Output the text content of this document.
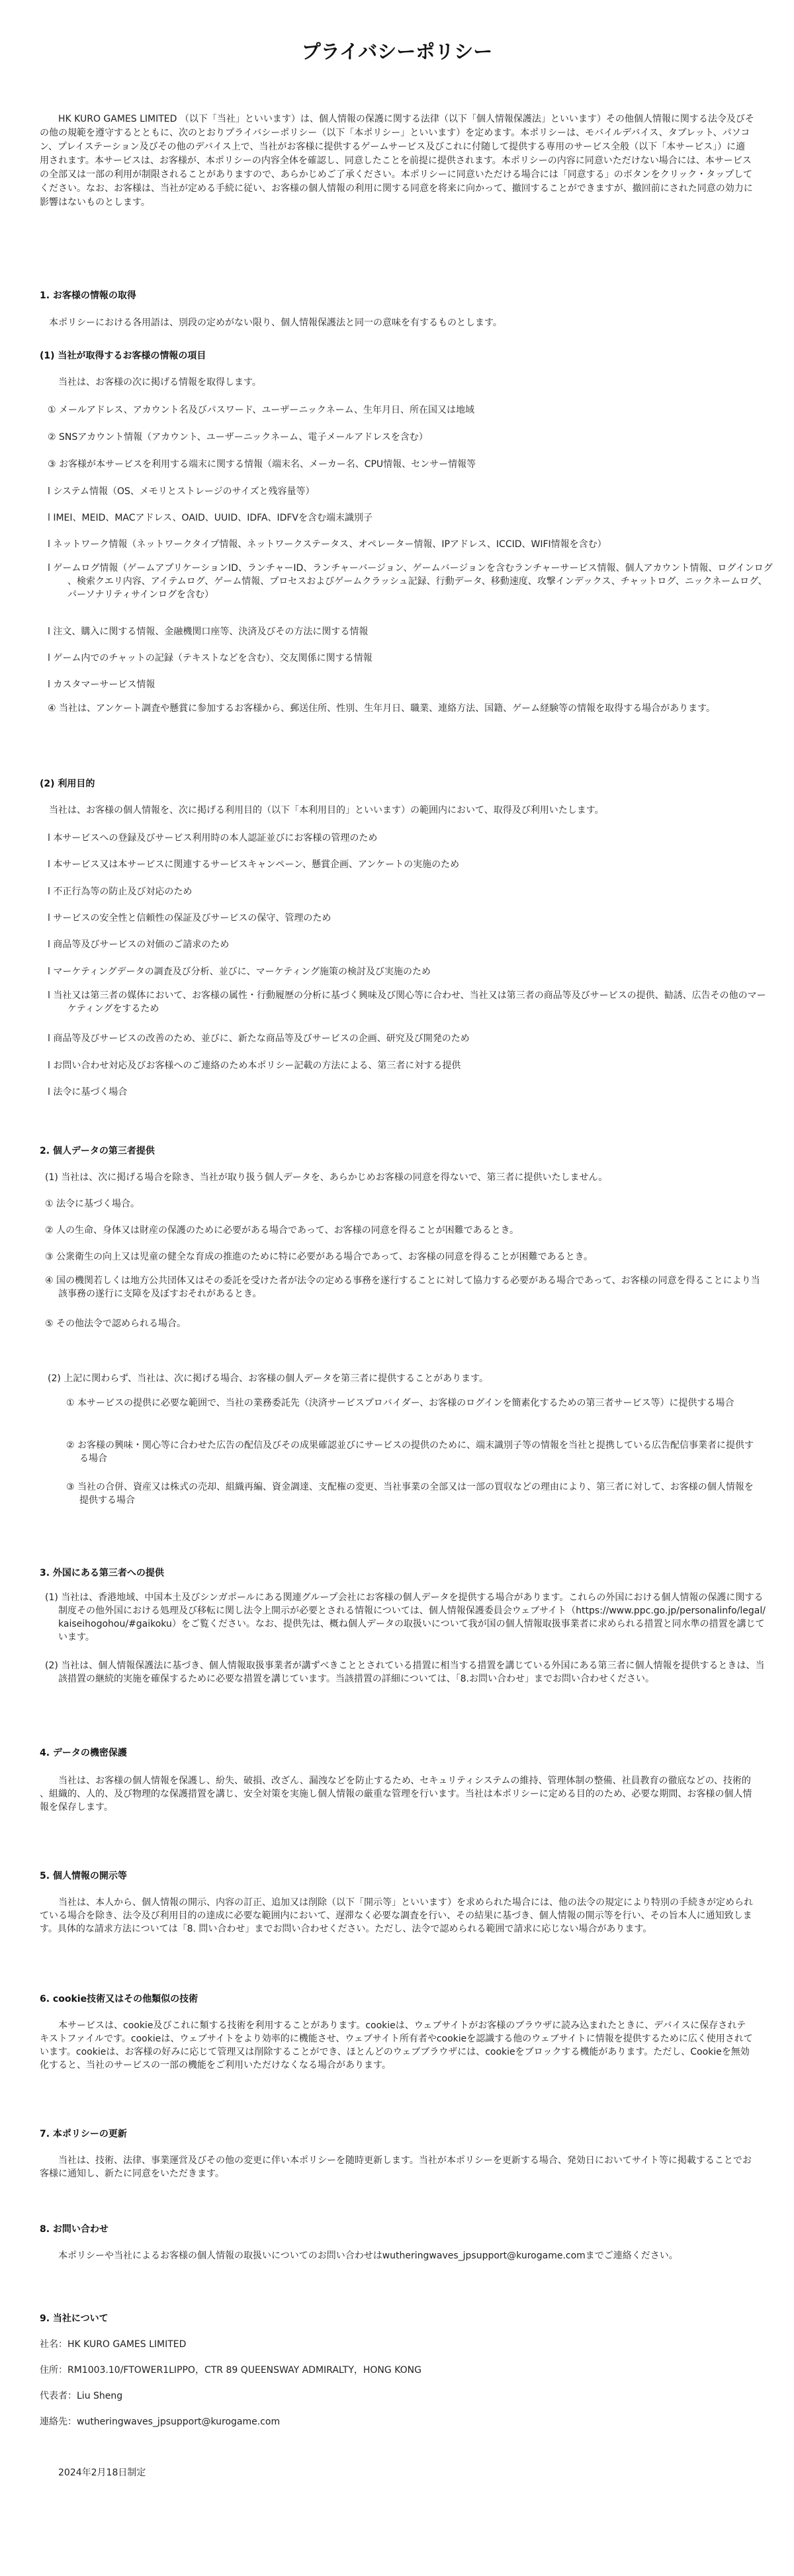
プライバシーポリシー

HK KURO GAMES LIMITED （以下「当社」といいます）は、個人情報の保護に関する法律（以下「個人情報保護法」といいます）その他個人情報に関する法令及びその他の規範を遵守するとともに、次のとおりプライバシーポリシー（以下「本ポリシー」といいます）を定めます。本ポリシーは、モバイルデバイス、タブレット、パソコン、プレイステーション及びその他のデバイス上で、当社がお客様に提供するゲームサービス及びこれに付随して提供する専用のサービス全般（以下「本サービス」）に適用されます。本サービスは、お客様が、本ポリシーの内容全体を確認し、同意したことを前提に提供されます。本ポリシーの内容に同意いただけない場合には、本サービスの全部又は一部の利用が制限されることがありますので、あらかじめご了承ください。本ポリシーに同意いただける場合には「同意する」のボタンをクリック・タップしてください。なお、お客様は、当社が定める手続に従い、お客様の個人情報の利用に関する同意を将来に向かって、撤回することができますが、撤回前にされた同意の効力に影響はないものとします。

1. お客様の情報の取得

本ポリシーにおける各用語は、別段の定めがない限り、個人情報保護法と同一の意味を有するものとします。

(1) 当社が取得するお客様の情報の項目

当社は、お客様の次に掲げる情報を取得します。

① メールアドレス、アカウント名及びパスワード、ユーザーニックネーム、生年月日、所在国又は地域

② SNSアカウント情報（アカウント、ユーザーニックネーム、電子メールアドレスを含む）

③ お客様が本サービスを利用する端末に関する情報（端末名、メーカー名、CPU情報、センサー情報等

l システム情報（OS、メモリとストレージのサイズと残容量等）

l IMEI、MEID、MACアドレス、OAID、UUID、IDFA、IDFVを含む端末識別子

l ネットワーク情報（ネットワークタイプ情報、ネットワークステータス、オペレーター情報、IPアドレス、ICCID、WIFI情報を含む）

l ゲームログ情報（ゲームアプリケーションID、ランチャーID、ランチャーバージョン、ゲームバージョンを含むランチャーサービス情報、個人アカウント情報、ログインログ、検索クエリ内容、アイテムログ、ゲーム情報、プロセスおよびゲームクラッシュ記録、行動データ、移動速度、攻撃インデックス、チャットログ、ニックネームログ、パーソナリティサインログを含む）

l 注文、購入に関する情報、金融機関口座等、決済及びその方法に関する情報

l ゲーム内でのチャットの記録（テキストなどを含む）、交友関係に関する情報

l カスタマーサービス情報

④ 当社は、アンケート調査や懸賞に参加するお客様から、郵送住所、性別、生年月日、職業、連絡方法、国籍、ゲーム経験等の情報を取得する場合があります。

(2) 利用目的

当社は、お客様の個人情報を、次に掲げる利用目的（以下「本利用目的」といいます）の範囲内において、取得及び利用いたします。

l 本サービスへの登録及びサービス利用時の本人認証並びにお客様の管理のため

l 本サービス又は本サービスに関連するサービスキャンペーン、懸賞企画、アンケートの実施のため

l 不正行為等の防止及び対応のため

l サービスの安全性と信頼性の保証及びサービスの保守、管理のため

l 商品等及びサービスの対価のご請求のため

l マーケティングデータの調査及び分析、並びに、マーケティング施策の検討及び実施のため

l 当社又は第三者の媒体において、お客様の属性・行動履歴の分析に基づく興味及び関心等に合わせ、当社又は第三者の商品等及びサービスの提供、勧誘、広告その他のマーケティングをするため

l 商品等及びサービスの改善のため、並びに、新たな商品等及びサービスの企画、研究及び開発のため

l お問い合わせ対応及びお客様へのご連絡のため本ポリシー記載の方法による、第三者に対する提供

l 法令に基づく場合

2. 個人データの第三者提供

(1) 当社は、次に掲げる場合を除き、当社が取り扱う個人データを、あらかじめお客様の同意を得ないで、第三者に提供いたしません。

① 法令に基づく場合。

② 人の生命、身体又は財産の保護のために必要がある場合であって、お客様の同意を得ることが困難であるとき。

③ 公衆衛生の向上又は児童の健全な育成の推進のために特に必要がある場合であって、お客様の同意を得ることが困難であるとき。

④ 国の機関若しくは地方公共団体又はその委託を受けた者が法令の定める事務を遂行することに対して協力する必要がある場合であって、お客様の同意を得ることにより当該事務の遂行に支障を及ぼすおそれがあるとき。

⑤ その他法令で認められる場合。

(2) 上記に関わらず、当社は、次に掲げる場合、お客様の個人データを第三者に提供することがあります。

① 本サービスの提供に必要な範囲で、当社の業務委託先（決済サービスプロバイダー、お客様のログインを簡素化するための第三者サービス等）に提供する場合

② お客様の興味・関心等に合わせた広告の配信及びその成果確認並びにサービスの提供のために、端末識別子等の情報を当社と提携している広告配信事業者に提供する場合

③ 当社の合併、資産又は株式の売却、組織再編、資金調達、支配権の変更、当社事業の全部又は一部の買収などの理由により、第三者に対して、お客様の個人情報を提供する場合

3. 外国にある第三者への提供

(1) 当社は、香港地域、中国本土及びシンガポールにある関連グループ会社にお客様の個人データを提供する場合があります。これらの外国における個人情報の保護に関する制度その他外国における処理及び移転に関し法令上開示が必要とされる情報については、個人情報保護委員会ウェブサイト（https://www.ppc.go.jp/personalinfo/legal/kaiseihogohou/#gaikoku）をご覧ください。なお、提供先は、概ね個人データの取扱いについて我が国の個人情報取扱事業者に求められる措置と同水準の措置を講じています。

(2) 当社は、個人情報保護法に基づき、個人情報取扱事業者が講ずべきこととされている措置に相当する措置を講じている外国にある第三者に個人情報を提供するときは、当該措置の継続的実施を確保するために必要な措置を講じています。当該措置の詳細については、「8.お問い合わせ」までお問い合わせください。

4. データの機密保護

当社は、お客様の個人情報を保護し、紛失、破損、改ざん、漏洩などを防止するため、セキュリティシステムの維持、管理体制の整備、社員教育の徹底などの、技術的、組織的、人的、及び物理的な保護措置を講じ、安全対策を実施し個人情報の厳重な管理を行います。当社は本ポリシーに定める目的のため、必要な期間、お客様の個人情報を保存します。

5. 個人情報の開示等

当社は、本人から、個人情報の開示、内容の訂正、追加又は削除（以下「開示等」といいます）を求められた場合には、他の法令の規定により特別の手続きが定められている場合を除き、法令及び利用目的の達成に必要な範囲内において、遅滞なく必要な調査を行い、その結果に基づき、個人情報の開示等を行い、その旨本人に通知致します。具体的な請求方法については「8. 問い合わせ」までお問い合わせください。ただし、法令で認められる範囲で請求に応じない場合があります。

6. cookie技術又はその他類似の技術

本サービスは、cookie及びこれに類する技術を利用することがあります。cookieは、ウェブサイトがお客様のブラウザに読み込まれたときに、デバイスに保存されテキストファイルです。cookieは、ウェブサイトをより効率的に機能させ、ウェブサイト所有者やcookieを認識する他のウェブサイトに情報を提供するために広く使用されています。cookieは、お客様の好みに応じて管理又は削除することができ、ほとんどのウェブブラウザには、cookieをブロックする機能があります。ただし、Cookieを無効化すると、当社のサービスの一部の機能をご利用いただけなくなる場合があります。

7. 本ポリシーの更新

当社は、技術、法律、事業運営及びその他の変更に伴い本ポリシーを随時更新します。当社が本ポリシーを更新する場合、発効日においてサイト等に掲載することでお客様に通知し、新たに同意をいただきます。

8. お問い合わせ

本ポリシーや当社によるお客様の個人情報の取扱いについてのお問い合わせはwutheringwaves_jpsupport@kurogame.comまでご連絡ください。

9. 当社について

社名：HK KURO GAMES LIMITED

住所：RM1003.10/FTOWER1LIPPO，CTR 89 QUEENSWAY ADMIRALTY，HONG KONG

代表者：Liu Sheng

連絡先：wutheringwaves_jpsupport@kurogame.com

2024年2月18日制定
